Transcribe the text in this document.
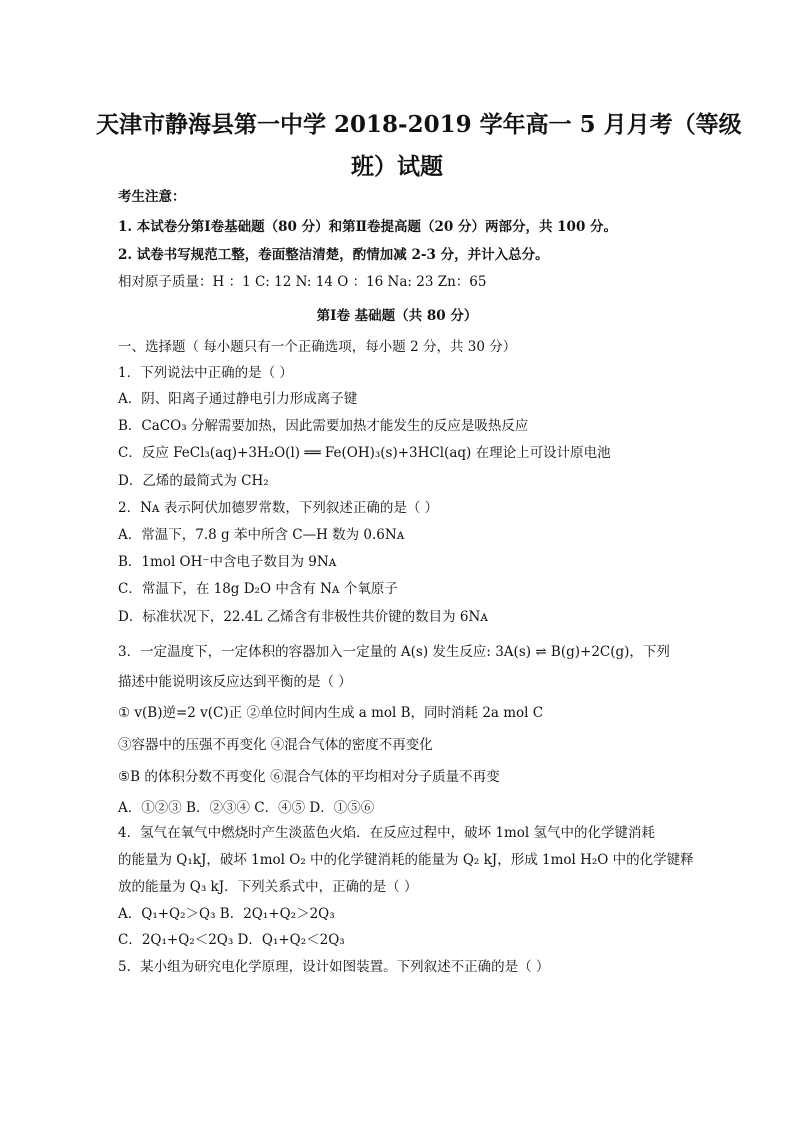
天津市静海县第一中学 2018-2019 学年高一 5 月月考（等级
班）试题
考生注意：
1. 本试卷分第Ⅰ卷基础题（80 分）和第Ⅱ卷提高题（20 分）两部分，共 100 分。
2. 试卷书写规范工整，卷面整洁清楚，酌情加减 2-3 分，并计入总分。
相对原子质量：H ：1 C: 12 N: 14 O ：16 Na: 23 Zn：65
第Ⅰ卷 基础题（共 80 分）
一、选择题（ 每小题只有一个正确选项，每小题 2 分，共 30 分）
1．下列说法中正确的是（ ）
A．阴、阳离子通过静电引力形成离子键
B．CaCO₃ 分解需要加热，因此需要加热才能发生的反应是吸热反应
C．反应 FeCl₃(aq)+3H₂O(l) ══ Fe(OH)₃(s)+3HCl(aq) 在理论上可设计原电池
D．乙烯的最简式为 CH₂
2．Nᴀ 表示阿伏加德罗常数，下列叙述正确的是（ ）
A．常温下，7.8 g 苯中所含 C—H 数为 0.6Nᴀ
B．1mol OH⁻中含电子数目为 9Nᴀ
C．常温下，在 18g D₂O 中含有 Nᴀ 个氧原子
D．标准状况下，22.4L 乙烯含有非极性共价键的数目为 6Nᴀ
3．一定温度下，一定体积的容器加入一定量的 A(s) 发生反应: 3A(s) ⇌ B(g)+2C(g)，下列
描述中能说明该反应达到平衡的是（ ）
① v(B)逆=2 v(C)正 ②单位时间内生成 a mol B，同时消耗 2a mol C
③容器中的压强不再变化 ④混合气体的密度不再变化
⑤B 的体积分数不再变化 ⑥混合气体的平均相对分子质量不再变
A．①②③ B．②③④ C．④⑤ D．①⑤⑥
4．氢气在氧气中燃烧时产生淡蓝色火焰．在反应过程中，破坏 1mol 氢气中的化学键消耗
的能量为 Q₁kJ，破坏 1mol O₂ 中的化学键消耗的能量为 Q₂ kJ，形成 1mol H₂O 中的化学键释
放的能量为 Q₃ kJ．下列关系式中，正确的是（ ）
A．Q₁+Q₂＞Q₃ B．2Q₁+Q₂＞2Q₃
C．2Q₁+Q₂＜2Q₃ D．Q₁+Q₂＜2Q₃
5．某小组为研究电化学原理，设计如图装置。下列叙述不正确的是（ ）
